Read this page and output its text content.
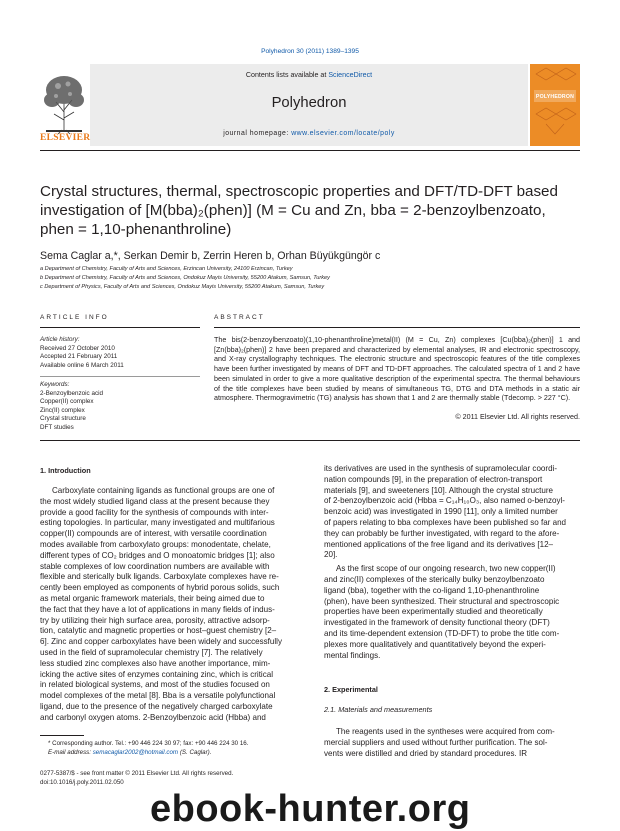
Polyhedron 30 (2011) 1389–1395
ELSEVIER
Contents lists available at ScienceDirect
Polyhedron
journal homepage: www.elsevier.com/locate/poly
POLYHEDRON
Crystal structures, thermal, spectroscopic properties and DFT/TD-DFT based
investigation of [M(bba)₂(phen)] (M = Cu and Zn, bba = 2-benzoylbenzoato,
phen = 1,10-phenanthroline)
Sema Caglar a,*, Serkan Demir b, Zerrin Heren b, Orhan Büyükgüngör c
a Department of Chemistry, Faculty of Arts and Sciences, Erzincan University, 24100 Erzincan, Turkey
b Department of Chemistry, Faculty of Arts and Sciences, Ondokuz Mayis University, 55200 Atakum, Samsun, Turkey
c Department of Physics, Faculty of Arts and Sciences, Ondokuz Mayis University, 55200 Atakum, Samsun, Turkey
ARTICLE INFO	ABSTRACT
Article history:
Received 27 October 2010
Accepted 21 February 2011
Available online 6 March 2011
Keywords:
2-Benzoylbenzoic acid
Copper(II) complex
Zinc(II) complex
Crystal structure
DFT studies
The bis(2-benzoylbenzoato)(1,10-phenanthroline)metal(II) (M = Cu, Zn) complexes [Cu(bba)₂(phen)] 1 and [Zn(bba)₂(phen)] 2 have been prepared and characterized by elemental analyses, IR and electronic spectroscopy, and X-ray crystallography techniques. The electronic structure and spectroscopic features of the title complexes have been further investigated by means of DFT and TD-DFT approaches. The calculated spectra of 1 and 2 have been simulated in order to give a more qualitative description of the experimental spectra. The thermal behaviours of the title complexes have been studied by means of simultaneous TG, DTG and DTA methods in a static air atmosphere. Thermogravimetric (TG) analysis has shown that 1 and 2 are thermally stable (Tdecomp. > 227 °C).
© 2011 Elsevier Ltd. All rights reserved.
1. Introduction
Carboxylate containing ligands as functional groups are one of
the most widely studied ligand class at the present because they
provide a good facility for the synthesis of compounds with inter-
esting topologies. In particular, many investigated and multifarious
copper(II) compounds are of interest, with versatile coordination
modes available from carboxylato groups: monodentate, chelate,
different types of CO₂ bridges and O monoatomic bridges [1]; also
stable complexes of low coordination numbers are available with
flexible and sterically bulk ligands. Carboxylate complexes have re-
cently been employed as components of hybrid porous solids, such
as metal organic framework materials, their being aimed due to
the fact that they have a lot of applications in many fields of indus-
try by utilizing their high surface area, porosity, attractive adsorp-
tion, catalytic and magnetic properties or host–guest chemistry [2–
6]. Zinc and copper carboxylates have been widely and successfully
used in the field of supramolecular chemistry [7]. The relatively
less studied zinc complexes also have another importance, mim-
icking the active sites of enzymes containing zinc, which is critical
in related biological systems, and most of the studies focused on
model complexes of the metal [8]. Bba is a versatile polyfunctional
ligand, due to the presence of the negatively charged carboxylate
and carbonyl oxygen atoms. 2-Benzoylbenzoic acid (Hbba) and
its derivatives are used in the synthesis of supramolecular coordi-
nation compounds [9], in the preparation of electron-transport
materials [9], and sweeteners [10]. Although the crystal structure
of 2-benzoylbenzoic acid (Hbba = C₁₄H₁₀O₃, also named o-benzoyl-
benzoic acid) was investigated in 1990 [11], only a limited number
of papers relating to bba complexes have been published so far and
they can probably be further investigated, with regard to the afore-
mentioned applications of the free ligand and its derivatives [12–
20].
As the first scope of our ongoing research, two new copper(II)
and zinc(II) complexes of the sterically bulky benzoylbenzoato
ligand (bba), together with the co-ligand 1,10-phenanthroline
(phen), have been synthesized. Their structural and spectroscopic
properties have been experimentally studied and theoretically
investigated in the framework of density functional theory (DFT)
and its time-dependent extension (TD-DFT) to probe the title com-
plexes more qualitatively and quantitatively beyond the experi-
mental findings.
2. Experimental
2.1. Materials and measurements
The reagents used in the syntheses were acquired from com-
mercial suppliers and used without further purification. The sol-
vents were distilled and dried by standard procedures. IR
* Corresponding author. Tel.: +90 446 224 30 97; fax: +90 446 224 30 16.
E-mail address: semacaglar2002@hotmail.com (S. Caglar).
0277-5387/$ - see front matter © 2011 Elsevier Ltd. All rights reserved.
doi:10.1016/j.poly.2011.02.050
ebook-hunter.org
